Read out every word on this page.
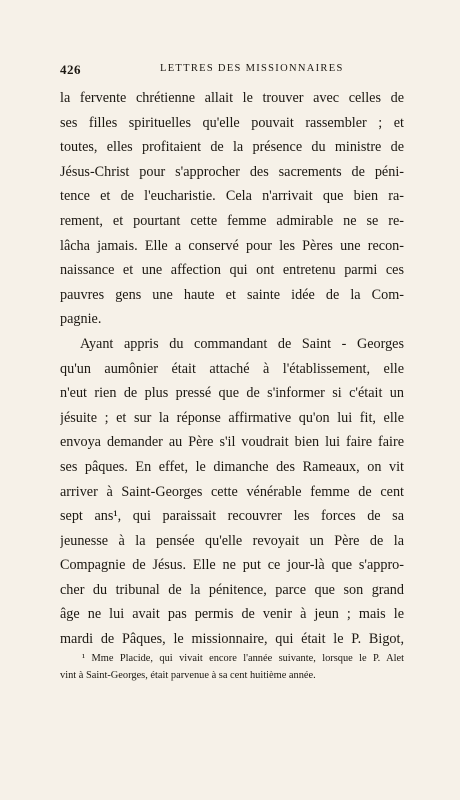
426	LETTRES DES MISSIONNAIRES
la fervente chrétienne allait le trouver avec celles de
ses filles spirituelles qu'elle pouvait rassembler ; et
toutes, elles profitaient de la présence du ministre de
Jésus-Christ pour s'approcher des sacrements de péni-
tence et de l'eucharistie. Cela n'arrivait que bien ra-
rement, et pourtant cette femme admirable ne se re-
lâcha jamais. Elle a conservé pour les Pères une recon-
naissance et une affection qui ont entretenu parmi ces
pauvres gens une haute et sainte idée de la Com-
pagnie.
Ayant appris du commandant de Saint - Georges
qu'un aumônier était attaché à l'établissement, elle
n'eut rien de plus pressé que de s'informer si c'était un
jésuite ; et sur la réponse affirmative qu'on lui fit, elle
envoya demander au Père s'il voudrait bien lui faire faire
ses pâques. En effet, le dimanche des Rameaux, on vit
arriver à Saint-Georges cette vénérable femme de cent
sept ans¹, qui paraissait recouvrer les forces de sa
jeunesse à la pensée qu'elle revoyait un Père de la
Compagnie de Jésus. Elle ne put ce jour-là que s'appro-
cher du tribunal de la pénitence, parce que son grand
âge ne lui avait pas permis de venir à jeun ; mais le
mardi de Pâques, le missionnaire, qui était le P. Bigot,
¹ Mme Placide, qui vivait encore l'année suivante, lorsque le P. Alet
vint à Saint-Georges, était parvenue à sa cent huitième année.
